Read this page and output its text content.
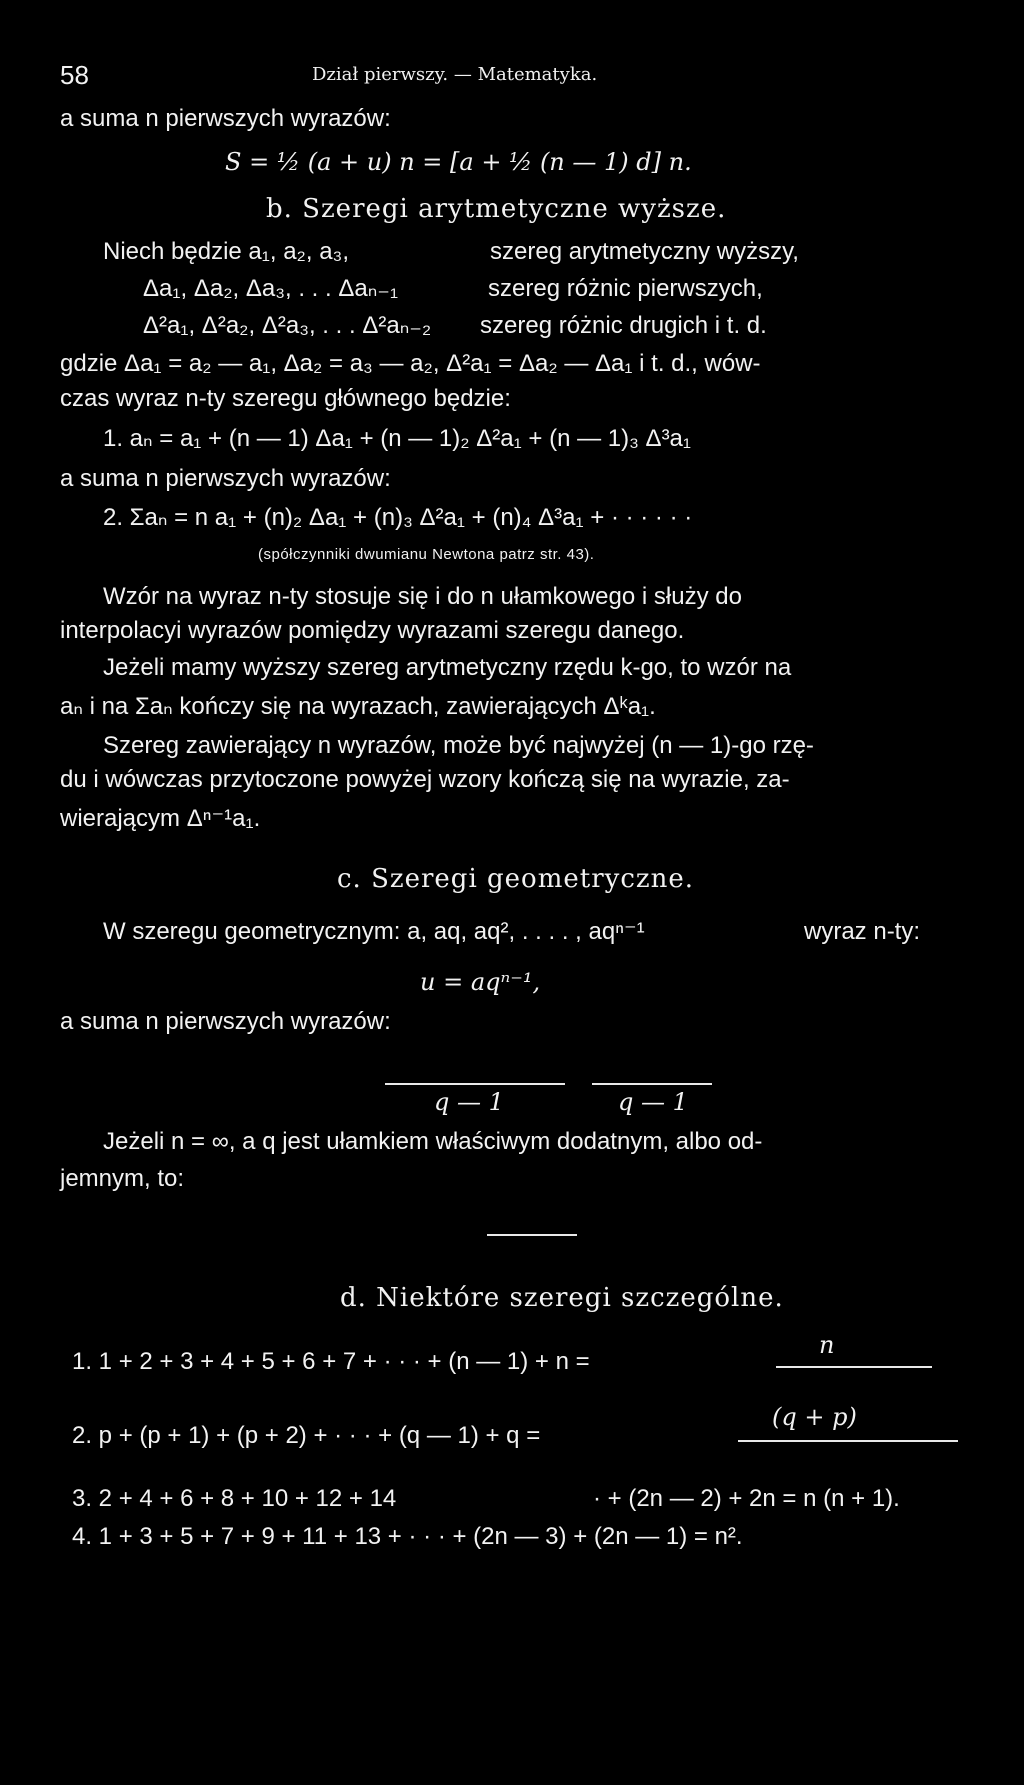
58	Dział pierwszy. — Matematyka.
a suma n pierwszych wyrazów:
S = ½ (a + u) n = [a + ½ (n — 1) d] n.
b. Szeregi arytmetyczne wyższe.
Niech będzie a₁, a₂, a₃,	szereg arytmetyczny wyższy,
Δa₁, Δa₂, Δa₃, . . . Δaₙ₋₁	szereg różnic pierwszych,
Δ²a₁, Δ²a₂, Δ²a₃, . . . Δ²aₙ₋₂ szereg różnic drugich i t. d.
gdzie Δa₁ = a₂ — a₁, Δa₂ = a₃ — a₂, Δ²a₁ = Δa₂ — Δa₁ i t. d., wów-
czas wyraz n-ty szeregu głównego będzie:
1. aₙ = a₁ + (n — 1) Δa₁ + (n — 1)₂ Δ²a₁ + (n — 1)₃ Δ³a₁
a suma n pierwszych wyrazów:
2. Σaₙ = n a₁ + (n)₂ Δa₁ + (n)₃ Δ²a₁ + (n)₄ Δ³a₁ + · · · · · ·
(spółczynniki dwumianu Newtona patrz str. 43).
Wzór na wyraz n-ty stosuje się i do n ułamkowego i służy do
interpolacyi wyrazów pomiędzy wyrazami szeregu danego.
Jeżeli mamy wyższy szereg arytmetyczny rzędu k-go, to wzór na
aₙ i na Σaₙ kończy się na wyrazach, zawierających Δᵏa₁.
Szereg zawierający n wyrazów, może być najwyżej (n — 1)-go rzę-
du i wówczas przytoczone powyżej wzory kończą się na wyrazie, za-
wierającym Δⁿ⁻¹a₁.
c. Szeregi geometryczne.
W szeregu geometrycznym: a, aq, aq², . . . . , aqⁿ⁻¹	wyraz n-ty:
u = aqⁿ⁻¹,
a suma n pierwszych wyrazów:
q — 1	q — 1
Jeżeli n = ∞, a q jest ułamkiem właściwym dodatnym, albo od-
jemnym, to:
d. Niektóre szeregi szczególne.
n
1. 1 + 2 + 3 + 4 + 5 + 6 + 7 + · · · + (n — 1) + n =
(q + p)
2. p + (p + 1) + (p + 2) + · · · + (q — 1) + q =
3. 2 + 4 + 6 + 8 + 10 + 12 + 14	· + (2n — 2) + 2n = n (n + 1).
4. 1 + 3 + 5 + 7 + 9 + 11 + 13 + · · · + (2n — 3) + (2n — 1) = n².
